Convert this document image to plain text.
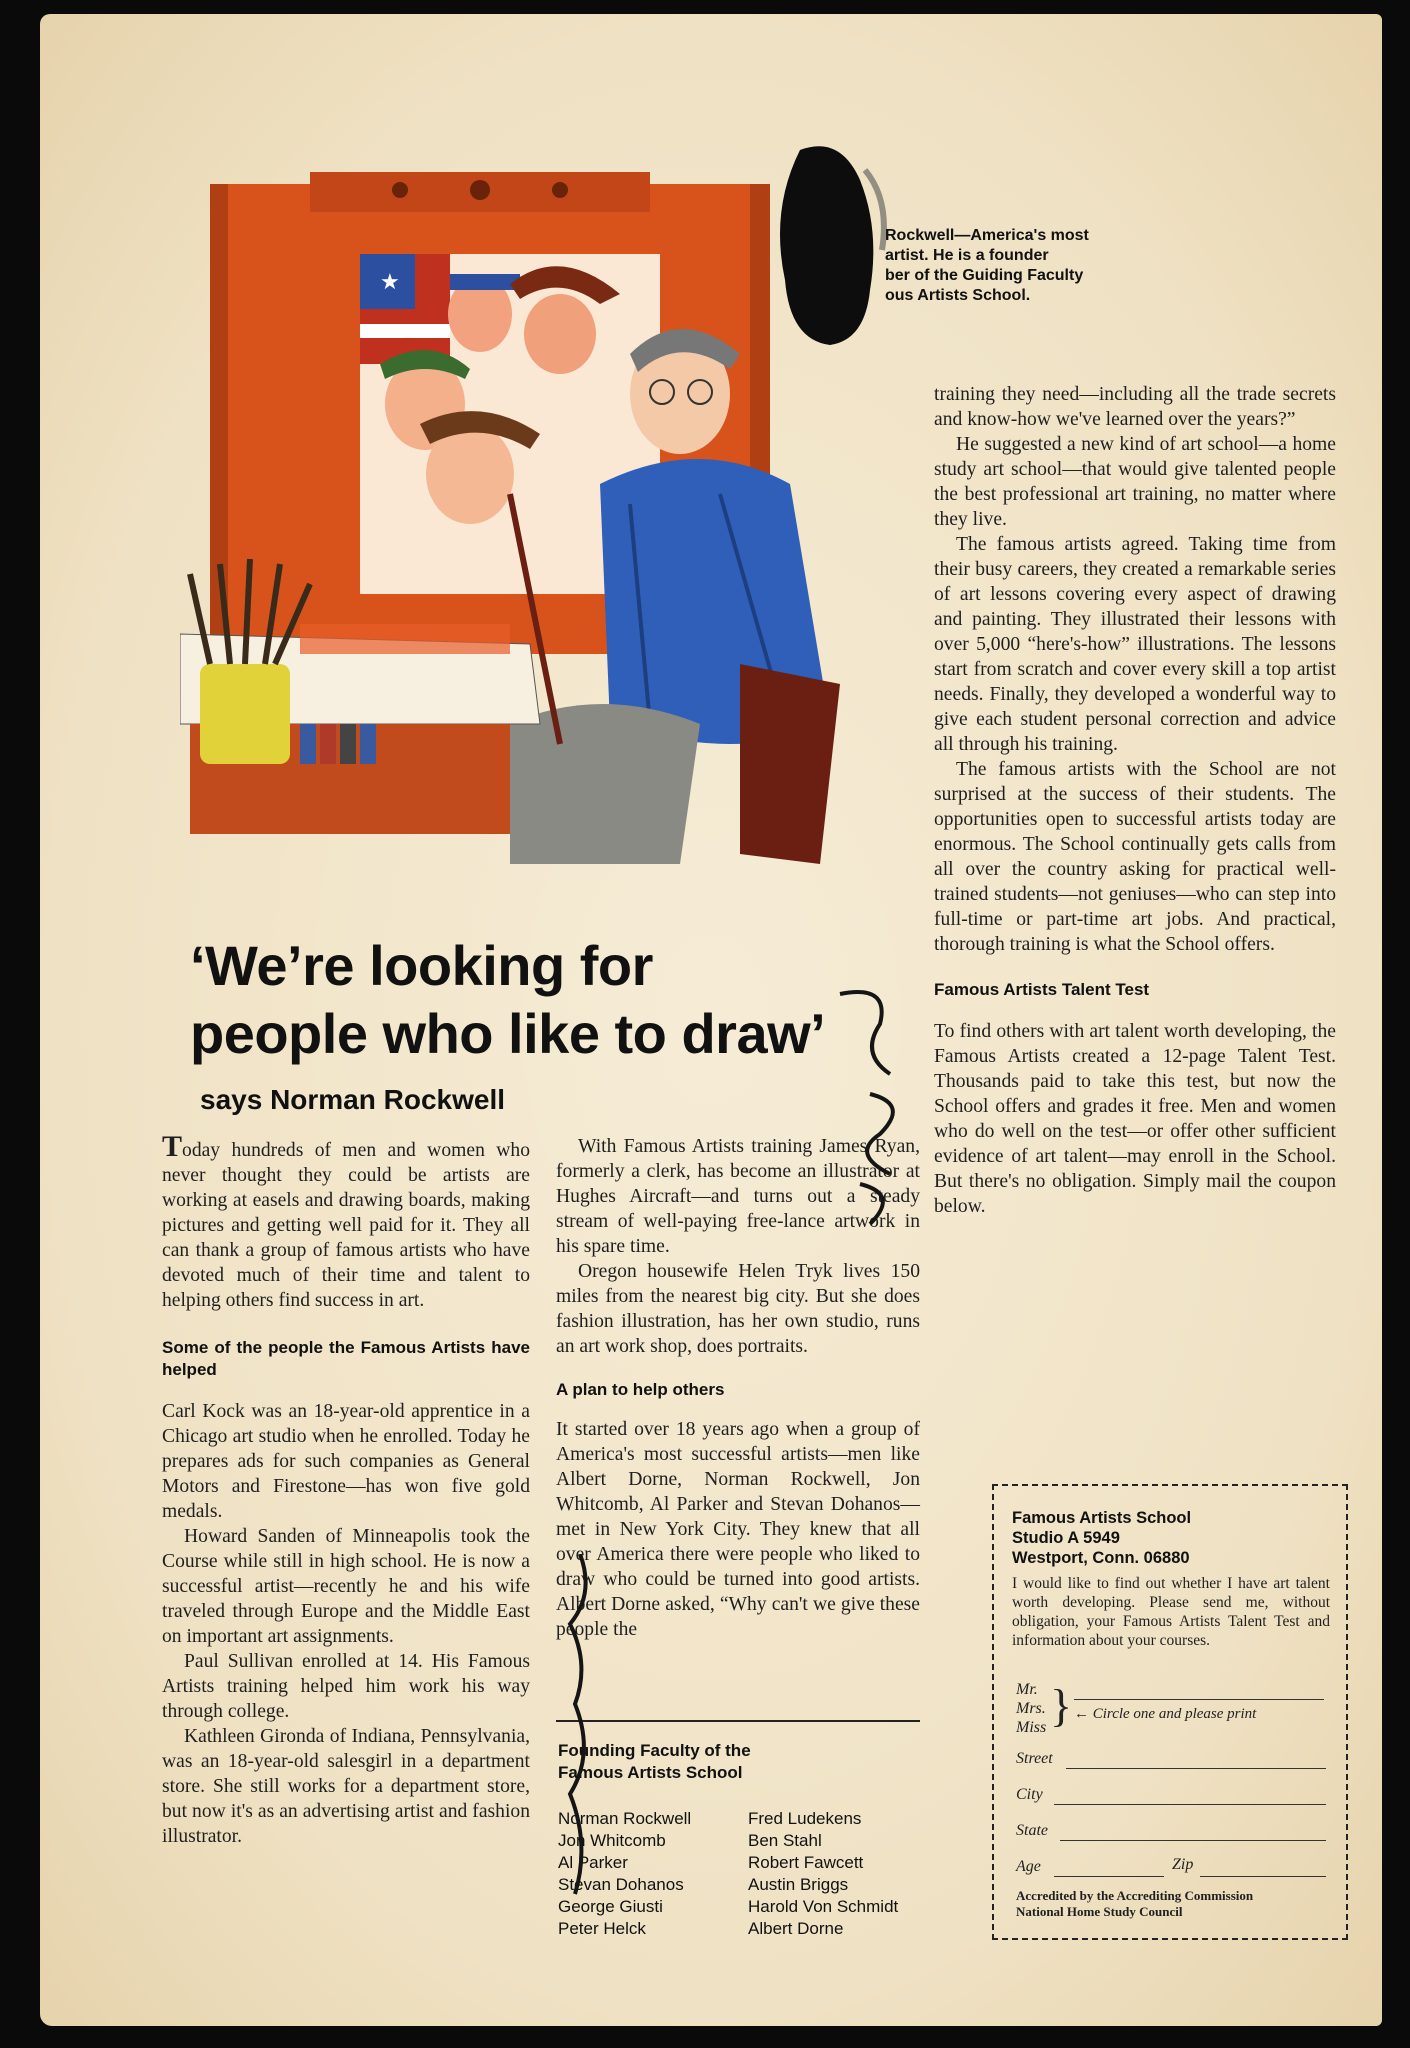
★
Rockwell—America's most
artist. He is a founder
ber of the Guiding Faculty
ous Artists School.
‘We’re looking for
people who like to draw’
says Norman Rockwell

Today hundreds of men and women who never thought they could be artists are working at easels and drawing boards, making pictures and getting well paid for it. They all can thank a group of famous artists who have devoted much of their time and talent to helping others find success in art.

Some of the people the Famous Artists have helped

Carl Kock was an 18-year-old apprentice in a Chicago art studio when he enrolled. Today he prepares ads for such companies as General Motors and Firestone—has won five gold medals.

Howard Sanden of Minneapolis took the Course while still in high school. He is now a successful artist—recently he and his wife traveled through Europe and the Middle East on important art assignments.

Paul Sullivan enrolled at 14. His Famous Artists training helped him work his way through college.

Kathleen Gironda of Indiana, Pennsylvania, was an 18-year-old salesgirl in a department store. She still works for a department store, but now it's as an advertising artist and fashion illustrator.

With Famous Artists training James Ryan, formerly a clerk, has become an illustrator at Hughes Aircraft—and turns out a steady stream of well-paying free-lance artwork in his spare time.

Oregon housewife Helen Tryk lives 150 miles from the nearest big city. But she does fashion illustration, has her own studio, runs an art work shop, does portraits.

A plan to help others

It started over 18 years ago when a group of America's most successful artists—men like Albert Dorne, Norman Rockwell, Jon Whitcomb, Al Parker and Stevan Dohanos—met in New York City. They knew that all over America there were people who liked to draw who could be turned into good artists. Albert Dorne asked, “Why can't we give these people the

Founding Faculty of the
Famous Artists School
Norman Rockwell
Jon Whitcomb
Al Parker
Stevan Dohanos
George Giusti
Peter Helck
Fred Ludekens
Ben Stahl
Robert Fawcett
Austin Briggs
Harold Von Schmidt
Albert Dorne

training they need—including all the trade secrets and know-how we've learned over the years?”

He suggested a new kind of art school—a home study art school—that would give talented people the best professional art training, no matter where they live.

The famous artists agreed. Taking time from their busy careers, they created a remarkable series of art lessons covering every aspect of drawing and painting. They illustrated their lessons with over 5,000 “here's-how” illustrations. The lessons start from scratch and cover every skill a top artist needs. Finally, they developed a wonderful way to give each student personal correction and advice all through his training.

The famous artists with the School are not surprised at the success of their students. The opportunities open to successful artists today are enormous. The School continually gets calls from all over the country asking for practical well-trained students—not geniuses—who can step into full-time or part-time art jobs. And practical, thorough training is what the School offers.

Famous Artists Talent Test

To find others with art talent worth developing, the Famous Artists created a 12-page Talent Test. Thousands paid to take this test, but now the School offers and grades it free. Men and women who do well on the test—or offer other sufficient evidence of art talent—may enroll in the School. But there's no obligation. Simply mail the coupon below.

Famous Artists School
Studio A 5949
Westport, Conn. 06880
I would like to find out whether I have art talent worth developing. Please send me, without obligation, your Famous Artists Talent Test and information about your courses.
Mr.
Mrs.
Miss } ← Circle one and please print
Street
City
State
Age	Zip
Accredited by the Accrediting Commission
National Home Study Council
